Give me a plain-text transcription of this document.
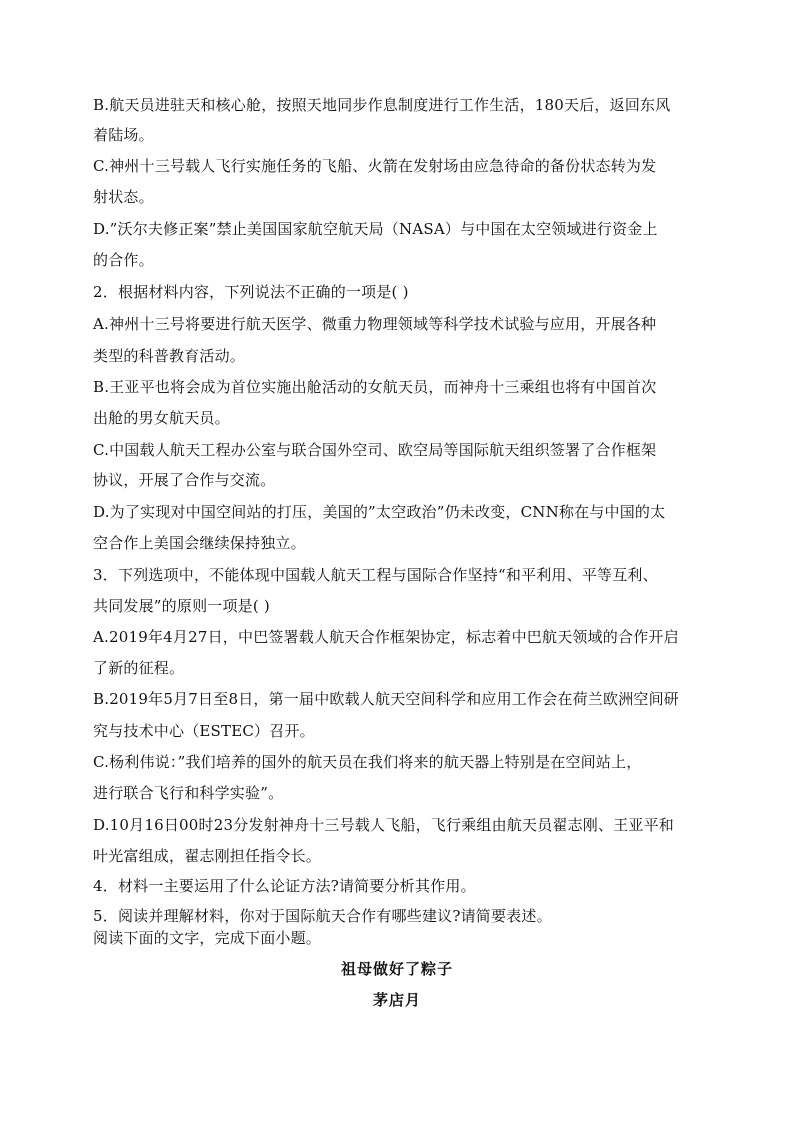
B.航天员进驻天和核心舱，按照天地同步作息制度进行工作生活，180天后，返回东风
着陆场。
C.神州十三号载人飞行实施任务的飞船、火箭在发射场由应急待命的备份状态转为发
射状态。
D.”沃尔夫修正案”禁止美国国家航空航天局（NASA）与中国在太空领域进行资金上
的合作。
2．根据材料内容，下列说法不正确的一项是( )
A.神州十三号将要进行航天医学、微重力物理领域等科学技术试验与应用，开展各种
类型的科普教育活动。
B.王亚平也将会成为首位实施出舱活动的女航天员，而神舟十三乘组也将有中国首次
出舱的男女航天员。
C.中国载人航天工程办公室与联合国外空司、欧空局等国际航天组织签署了合作框架
协议，开展了合作与交流。
D.为了实现对中国空间站的打压，美国的”太空政治”仍未改变，CNN称在与中国的太
空合作上美国会继续保持独立。
3．下列选项中，不能体现中国载人航天工程与国际合作坚持“和平利用、平等互利、
共同发展”的原则一项是( )
A.2019年4月27日，中巴签署载人航天合作框架协定，标志着中巴航天领域的合作开启
了新的征程。
B.2019年5月7日至8日，第一届中欧载人航天空间科学和应用工作会在荷兰欧洲空间研
究与技术中心（ESTEC）召开。
C.杨利伟说：”我们培养的国外的航天员在我们将来的航天器上特别是在空间站上，
进行联合飞行和科学实验”。
D.10月16日00时23分发射神舟十三号载人飞船，飞行乘组由航天员翟志刚、王亚平和
叶光富组成，翟志刚担任指令长。
4．材料一主要运用了什么论证方法?请简要分析其作用。
5．阅读并理解材料，你对于国际航天合作有哪些建议?请简要表述。
阅读下面的文字，完成下面小题。
祖母做好了粽子
茅店月
